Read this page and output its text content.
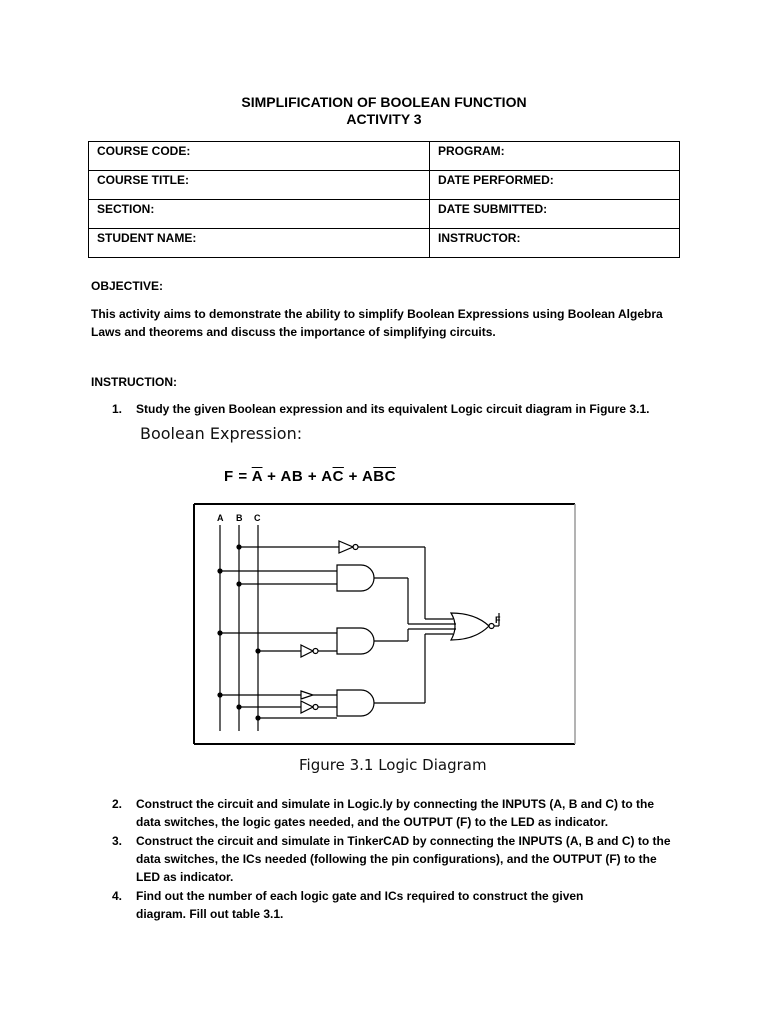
SIMPLIFICATION OF BOOLEAN FUNCTION
ACTIVITY 3
COURSE CODE:	PROGRAM:
COURSE TITLE:	DATE PERFORMED:
SECTION:	DATE SUBMITTED:
STUDENT NAME:	INSTRUCTOR:
OBJECTIVE:
This activity aims to demonstrate the ability to simplify Boolean Expressions using Boolean Algebra Laws and theorems and discuss the importance of simplifying circuits.
INSTRUCTION:
1. Study the given Boolean expression and its equivalent Logic circuit diagram in Figure 3.1.
Boolean Expression:
$F = \overline{A}$ + AB + $A\overline{C} + A\overline{BC}$
A B C
F
Figure 3.1 Logic Diagram
2. Construct the circuit and simulate in Logic.ly by connecting the INPUTS (A, B and C) to the data switches, the logic gates needed, and the OUTPUT (F) to the LED as indicator.
3. Construct the circuit and simulate in TinkerCAD by connecting the INPUTS (A, B and C) to the data switches, the ICs needed (following the pin configurations), and the OUTPUT (F) to the LED as indicator.
4. Find out the number of each logic gate and ICs required to construct the given diagram. Fill out table 3.1.
